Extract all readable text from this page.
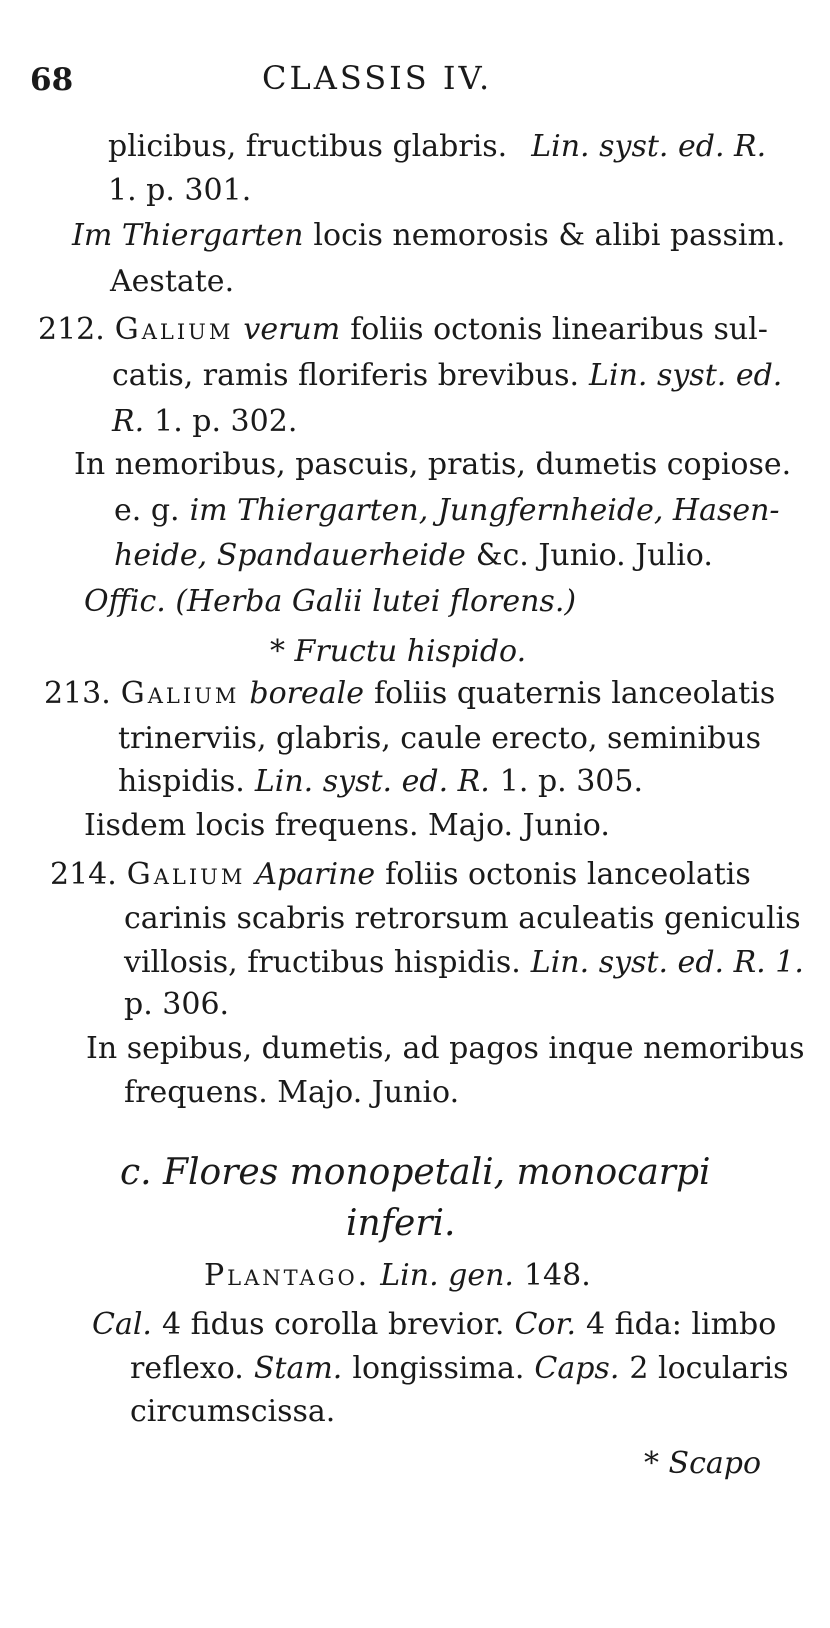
68	CLASSIS IV.
plicibus, fructibus glabris. Lin. syst. ed. R.
1. p. 301.
Im Thiergarten locis nemorosis & alibi passim.
Aestate.
212. Galium verum foliis octonis linearibus sul-
catis, ramis floriferis brevibus. Lin. syst. ed.
R. 1. p. 302.
In nemoribus, pascuis, pratis, dumetis copiose.
e. g. im Thiergarten, Jungfernheide, Hasen-
heide, Spandauerheide &c. Junio. Julio.
Offic. (Herba Galii lutei florens.)
* Fructu hispido.
213. Galium boreale foliis quaternis lanceolatis
trinerviis, glabris, caule erecto, seminibus
hispidis. Lin. syst. ed. R. 1. p. 305.
Iisdem locis frequens. Majo. Junio.
214. Galium Aparine foliis octonis lanceolatis
carinis scabris retrorsum aculeatis geniculis
villosis, fructibus hispidis. Lin. syst. ed. R. 1.
p. 306.
In sepibus, dumetis, ad pagos inque nemoribus
frequens. Majo. Junio.
c. Flores monopetali, monocarpi
inferi.
Plantago. Lin. gen. 148.
Cal. 4 fidus corolla brevior. Cor. 4 fida: limbo
reflexo. Stam. longissima. Caps. 2 locularis
circumscissa.
* Scapo
